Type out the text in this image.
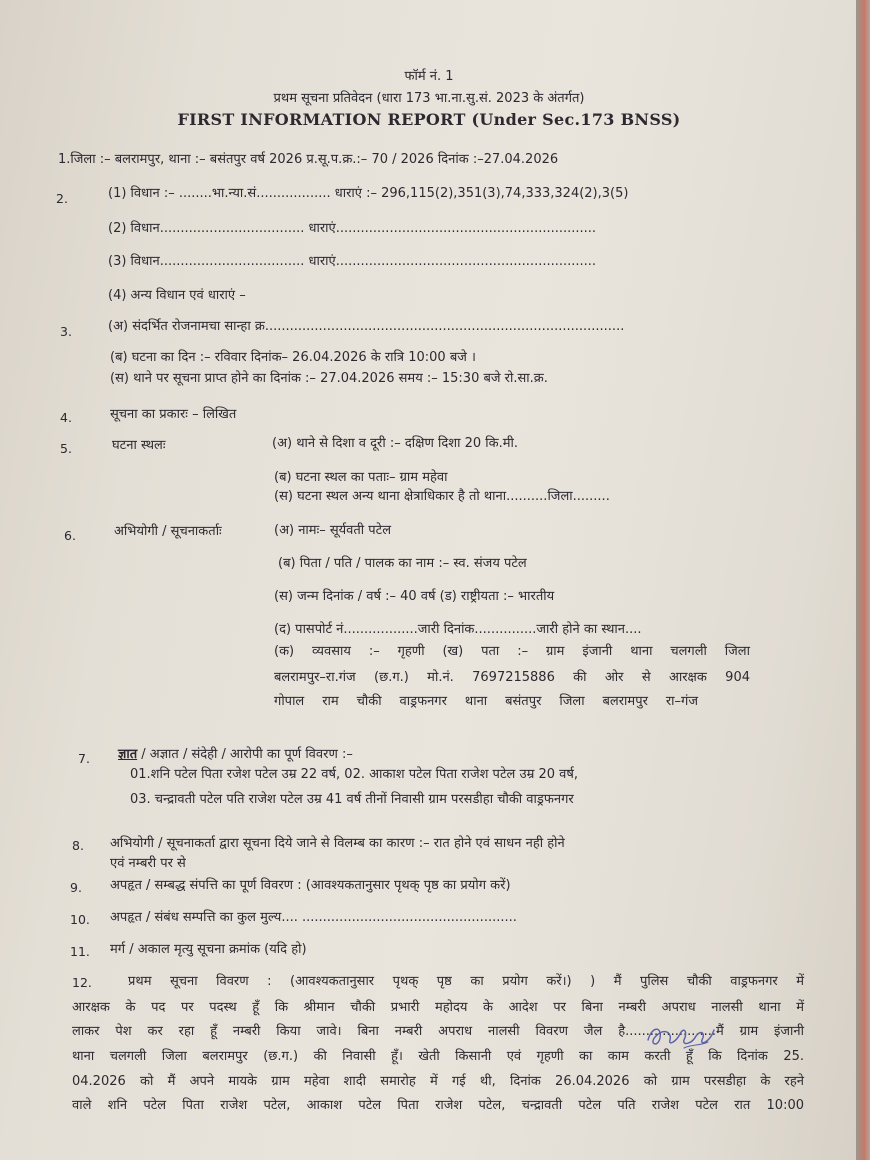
फॉर्म नं. 1
प्रथम सूचना प्रतिवेदन (धारा 173 भा.ना.सु.सं. 2023 के अंतर्गत)
FIRST INFORMATION REPORT (Under Sec.173 BNSS)
1.जिला :– बलरामपुर, थाना :– बसंतपुर वर्ष 2026 प्र.सू.प.क्र.:– 70 / 2026 दिनांक :–27.04.2026
2.	(1) विधान :– ........भा.न्या.सं.................. धाराएं :– 296,115(2),351(3),74,333,324(2),3(5)
(2) विधान................................... धाराएं...............................................................
(3) विधान................................... धाराएं...............................................................
(4) अन्य विधान एवं धाराएं –
3.	(अ) संदर्भित रोजनामचा सान्हा क्र.......................................................................................
(ब) घटना का दिन :– रविवार दिनांक– 26.04.2026 के रात्रि 10:00 बजे ।
(स) थाने पर सूचना प्राप्त होने का दिनांक :– 27.04.2026 समय :– 15:30 बजे रो.सा.क्र.
4.	सूचना का प्रकारः – लिखित
5.	घटना स्थलः	(अ) थाने से दिशा व दूरी :– दक्षिण दिशा 20 कि.मी.
(ब) घटना स्थल का पताः– ग्राम महेवा
(स) घटना स्थल अन्य थाना क्षेत्राधिकार है तो थाना..........जिला.........
6.	अभियोगी / सूचनाकर्ताः	(अ) नामः– सूर्यवती पटेल
(ब) पिता / पति / पालक का नाम :– स्व. संजय पटेल
(स) जन्म दिनांक / वर्ष :– 40 वर्ष (ड) राष्ट्रीयता :– भारतीय
(द) पासपोर्ट नं..................जारी दिनांक...............जारी होने का स्थान....
(क) व्यवसाय :– गृहणी (ख) पता :– ग्राम इंजानी थाना चलगली जिला
बलरामपुर–रा.गंज (छ.ग.) मो.नं. 7697215886 की ओर से आरक्षक 904
गोपाल राम चौकी वाड्रफनगर थाना बसंतपुर जिला बलरामपुर रा–गंज
7. ज्ञात / अज्ञात / संदेही / आरोपी का पूर्ण विवरण :–
01.शनि पटेल पिता रजेश पटेल उम्र 22 वर्ष, 02. आकाश पटेल पिता राजेश पटेल उम्र 20 वर्ष,
03. चन्द्रावती पटेल पति राजेश पटेल उम्र 41 वर्ष तीनों निवासी ग्राम परसडीहा चौकी वाड्रफनगर
8. अभियोगी / सूचनाकर्ता द्वारा सूचना दिये जाने से विलम्ब का कारण :– रात होने एवं साधन नही होने
एवं नम्बरी पर से
9. अपहृत / सम्बद्ध संपत्ति का पूर्ण विवरण : (आवश्यकतानुसार पृथक् पृष्ठ का प्रयोग करें)
10. अपहृत / संबंध सम्पत्ति का कुल मुल्य.... ....................................................
11. मर्ग / अकाल मृत्यु सूचना क्रमांक (यदि हो)
12.	प्रथम सूचना विवरण : (आवश्यकतानुसार पृथक् पृष्ठ का प्रयोग करें।) ) मैं पुलिस चौकी वाड्रफनगर में
आरक्षक के पद पर पदस्थ हूँ कि श्रीमान चौकी प्रभारी महोदय के आदेश पर बिना नम्बरी अपराध नालसी थाना में
लाकर पेश कर रहा हूँ नम्बरी किया जावे। बिना नम्बरी अपराध नालसी विवरण जैल है......................मैं ग्राम इंजानी
थाना चलगली जिला बलरामपुर (छ.ग.) की निवासी हूँ। खेती किसानी एवं गृहणी का काम करती हूँ कि दिनांक 25.
04.2026 को मैं अपने मायके ग्राम महेवा शादी समारोह में गई थी, दिनांक 26.04.2026 को ग्राम परसडीहा के रहने
वाले शनि पटेल पिता राजेश पटेल, आकाश पटेल पिता राजेश पटेल, चन्द्रावती पटेल पति राजेश पटेल रात 10:00
